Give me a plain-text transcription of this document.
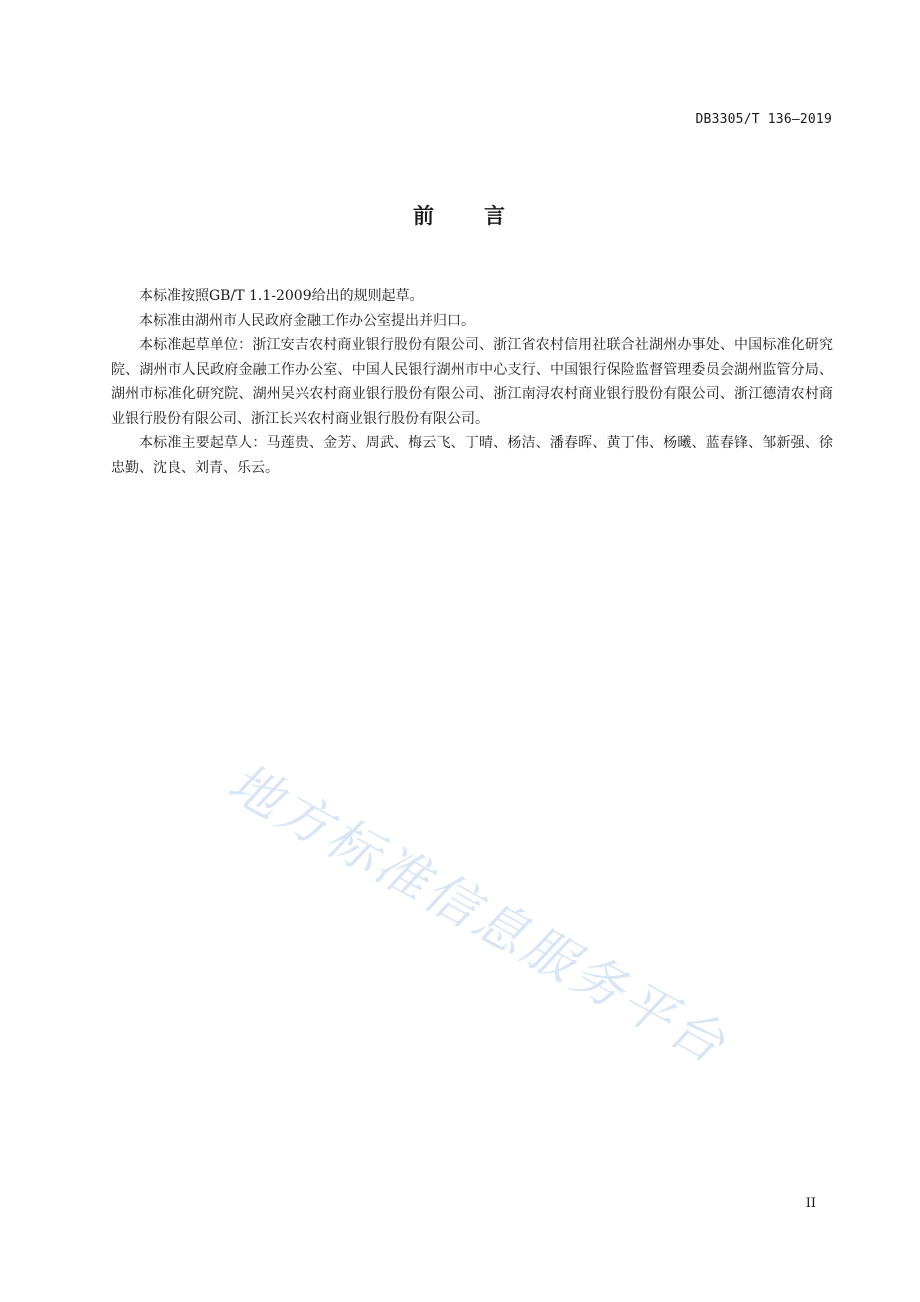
DB3305/T 136—2019
前 言

本标准按照GB/T 1.1-2009给出的规则起草。

本标准由湖州市人民政府金融工作办公室提出并归口。

本标准起草单位：浙江安吉农村商业银行股份有限公司、浙江省农村信用社联合社湖州办事处、中国标准化研究院、湖州市人民政府金融工作办公室、中国人民银行湖州市中心支行、中国银行保险监督管理委员会湖州监管分局、湖州市标准化研究院、湖州吴兴农村商业银行股份有限公司、浙江南浔农村商业银行股份有限公司、浙江德清农村商业银行股份有限公司、浙江长兴农村商业银行股份有限公司。

本标准主要起草人：马莲贵、金芳、周武、梅云飞、丁晴、杨洁、潘春晖、黄丁伟、杨曦、蓝春锋、邹新强、徐忠勤、沈良、刘青、乐云。

地方标准信息服务平台
II
